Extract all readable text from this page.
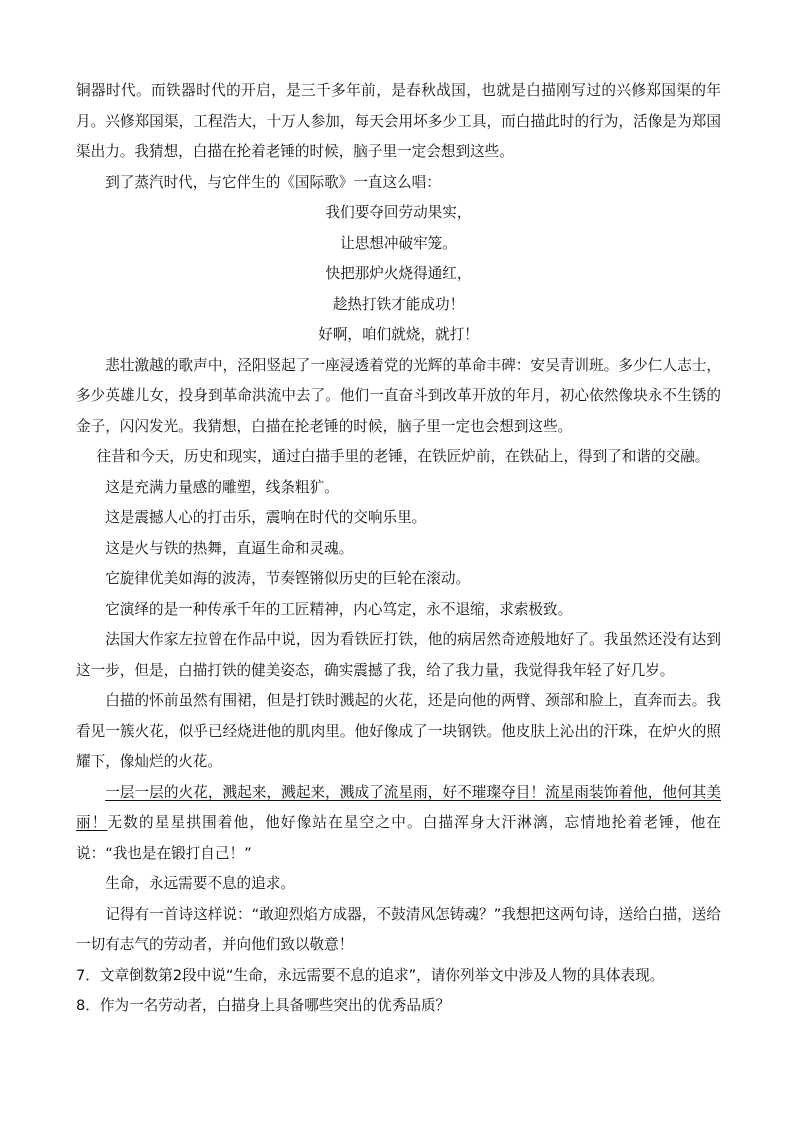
铜器时代。而铁器时代的开启，是三千多年前，是春秋战国，也就是白描刚写过的兴修郑国渠的年月。兴修郑国渠，工程浩大，十万人参加，每天会用坏多少工具，而白描此时的行为，活像是为郑国渠出力。我猜想，白描在抡着老锤的时候，脑子里一定会想到这些。

到了蒸汽时代，与它伴生的《国际歌》一直这么唱：

我们要夺回劳动果实，

让思想冲破牢笼。

快把那炉火烧得通红，

趁热打铁才能成功！

好啊，咱们就烧，就打！

悲壮激越的歌声中，泾阳竖起了一座浸透着党的光辉的革命丰碑：安吴青训班。多少仁人志士，多少英雄儿女，投身到革命洪流中去了。他们一直奋斗到改革开放的年月，初心依然像块永不生锈的金子，闪闪发光。我猜想，白描在抡老锤的时候，脑子里一定也会想到这些。

往昔和今天，历史和现实，通过白描手里的老锤，在铁匠炉前，在铁砧上，得到了和谐的交融。

这是充满力量感的雕塑，线条粗犷。

这是震撼人心的打击乐，震响在时代的交响乐里。

这是火与铁的热舞，直逼生命和灵魂。

它旋律优美如海的波涛，节奏铿锵似历史的巨轮在滚动。

它演绎的是一种传承千年的工匠精神，内心笃定，永不退缩，求索极致。

法国大作家左拉曾在作品中说，因为看铁匠打铁，他的病居然奇迹般地好了。我虽然还没有达到这一步，但是，白描打铁的健美姿态，确实震撼了我，给了我力量，我觉得我年轻了好几岁。

白描的怀前虽然有围裙，但是打铁时溅起的火花，还是向他的两臂、颈部和脸上，直奔而去。我看见一簇火花，似乎已经烧进他的肌肉里。他好像成了一块钢铁。他皮肤上沁出的汗珠，在炉火的照耀下，像灿烂的火花。

一层一层的火花，溅起来，溅起来，溅成了流星雨，好不璀璨夺目！流星雨装饰着他，他何其美丽！无数的星星拱围着他，他好像站在星空之中。白描浑身大汗淋漓，忘情地抡着老锤，他在说：“我也是在锻打自己！”

生命，永远需要不息的追求。

记得有一首诗这样说：“敢迎烈焰方成器，不鼓清风怎铸魂？”我想把这两句诗，送给白描，送给一切有志气的劳动者，并向他们致以敬意！

7．文章倒数第2段中说“生命，永远需要不息的追求”，请你列举文中涉及人物的具体表现。

8．作为一名劳动者，白描身上具备哪些突出的优秀品质？
